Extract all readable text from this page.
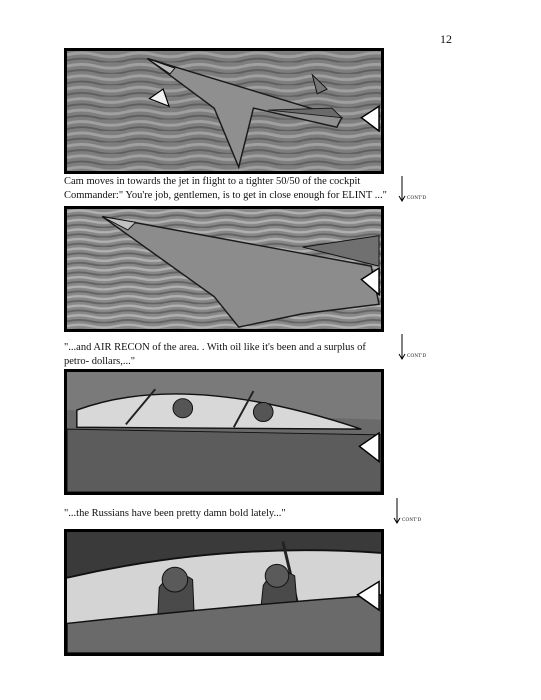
12
Cam moves in towards the jet in flight to a tighter 50/50 of the cockpit
Commander:" You're job, gentlemen, is to get in close enough for ELINT ..."	CONT'D
"...and AIR RECON of the area. . With oil like it's been and a surplus of
petro- dollars,..."	CONT'D
"...the Russians have been pretty damn bold lately..."
CONT'D
